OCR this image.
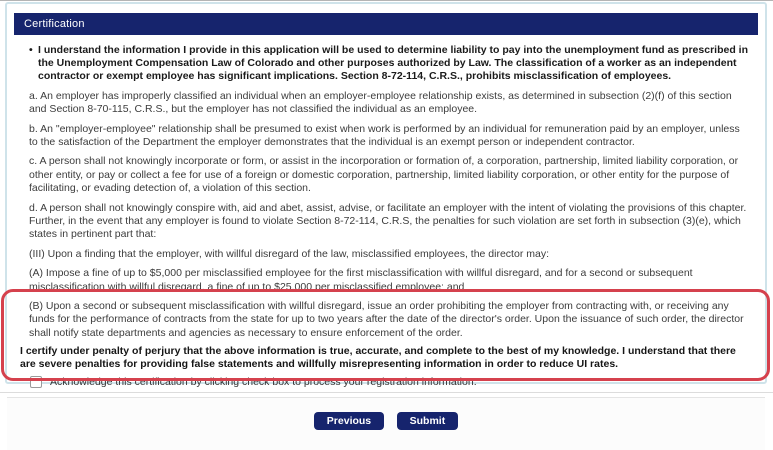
Certification
• I understand the information I provide in this application will be used to determine liability to pay into the unemployment fund as prescribed in the Unemployment Compensation Law of Colorado and other purposes authorized by Law. The classification of a worker as an independent contractor or exempt employee has significant implications. Section 8-72-114, C.R.S., prohibits misclassification of employees.

a. An employer has improperly classified an individual when an employer-employee relationship exists, as determined in subsection (2)(f) of this section and Section 8-70-115, C.R.S., but the employer has not classified the individual as an employee.

b. An "employer-employee" relationship shall be presumed to exist when work is performed by an individual for remuneration paid by an employer, unless to the satisfaction of the Department the employer demonstrates that the individual is an exempt person or independent contractor.

c. A person shall not knowingly incorporate or form, or assist in the incorporation or formation of, a corporation, partnership, limited liability corporation, or other entity, or pay or collect a fee for use of a foreign or domestic corporation, partnership, limited liability corporation, or other entity for the purpose of facilitating, or evading detection of, a violation of this section.

d. A person shall not knowingly conspire with, aid and abet, assist, advise, or facilitate an employer with the intent of violating the provisions of this chapter. Further, in the event that any employer is found to violate Section 8-72-114, C.R.S, the penalties for such violation are set forth in subsection (3)(e), which states in pertinent part that:

(III) Upon a finding that the employer, with willful disregard of the law, misclassified employees, the director may:

(A) Impose a fine of up to $5,000 per misclassified employee for the first misclassification with willful disregard, and for a second or subsequent misclassification with willful disregard, a fine of up to $25,000 per misclassified employee; and

(B) Upon a second or subsequent misclassification with willful disregard, issue an order prohibiting the employer from contracting with, or receiving any funds for the performance of contracts from the state for up to two years after the date of the director's order. Upon the issuance of such order, the director shall notify state departments and agencies as necessary to ensure enforcement of the order.

I certify under penalty of perjury that the above information is true, accurate, and complete to the best of my knowledge. I understand that there are severe penalties for providing false statements and willfully misrepresenting information in order to reduce UI rates.
Acknowledge this certification by clicking check box to process your registration information.
Previous	Submit
